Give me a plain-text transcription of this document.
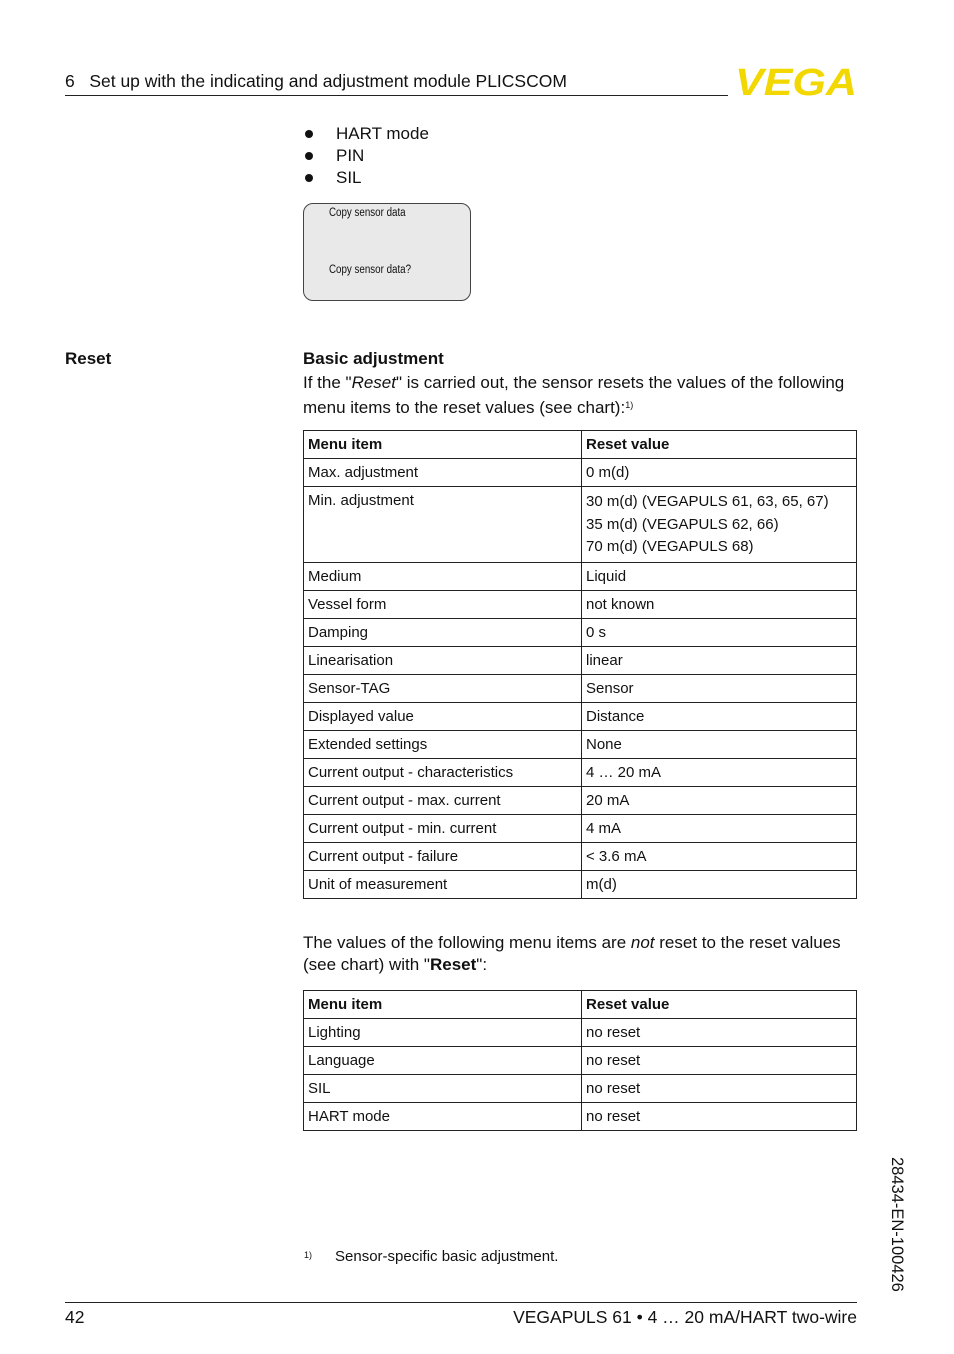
6   Set up with the indicating and adjustment module PLICSCOM	VEGA
HART mode
PIN
SIL
Copy sensor data
Copy sensor data?
Reset	Basic adjustment
If the "Reset" is carried out, the sensor resets the values of the following menu items to the reset values (see chart):$^{1)}$
Menu item	Reset value
Max. adjustment	0 m(d)
Min. adjustment	30 m(d) (VEGAPULS 61, 63, 65, 67)
35 m(d) (VEGAPULS 62, 66)
70 m(d) (VEGAPULS 68)

Medium	Liquid
Vessel form	not known
Damping	0 s
Linearisation	linear
Sensor-TAG	Sensor
Displayed value	Distance
Extended settings	None
Current output - characteristics	4 … 20 mA
Current output - max. current	20 mA
Current output - min. current	4 mA
Current output - failure	< 3.6 mA
Unit of measurement	m(d)
The values of the following menu items are not reset to the reset values (see chart) with "Reset":
Menu item	Reset value
Lighting	no reset
Language	no reset
SIL	no reset
HART mode	no reset
1) Sensor-specific basic adjustment.
42	VEGAPULS 61 • 4 … 20 mA/HART two-wire
28434-EN-100426
